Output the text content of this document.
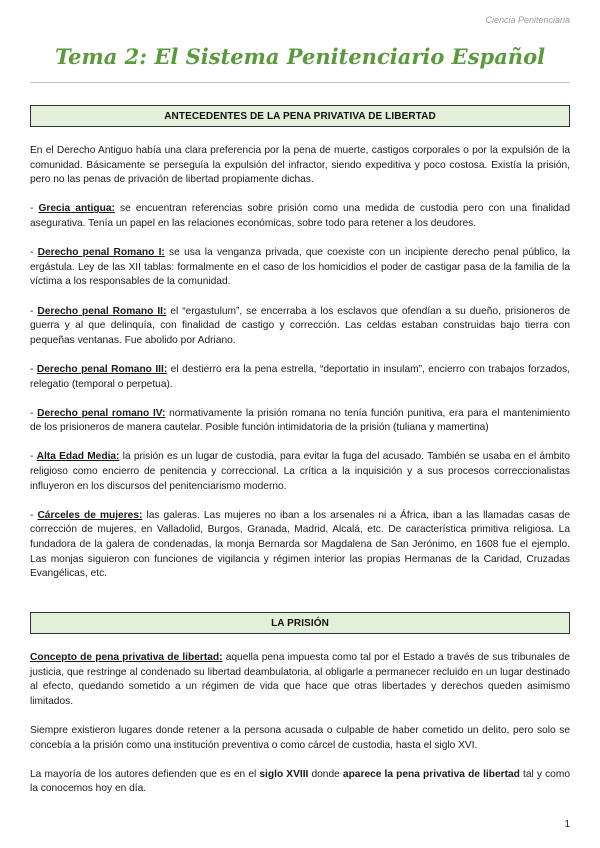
Ciencia Penitenciaria
Tema 2: El Sistema Penitenciario Español
ANTECEDENTES DE LA PENA PRIVATIVA DE LIBERTAD

En el Derecho Antiguo había una clara preferencia por la pena de muerte, castigos corporales o por la expulsión de la comunidad. Básicamente se perseguía la expulsión del infractor, siendo expeditiva y poco costosa. Existía la prisión, pero no las penas de privación de libertad propiamente dichas.

- Grecia antigua: se encuentran referencias sobre prisión como una medida de custodia pero con una finalidad asegurativa. Tenía un papel en las relaciones económicas, sobre todo para retener a los deudores.

- Derecho penal Romano I: se usa la venganza privada, que coexiste con un incipiente derecho penal público, la ergástula. Ley de las XII tablas: formalmente en el caso de los homicidios el poder de castigar pasa de la familia de la víctima a los responsables de la comunidad.

- Derecho penal Romano II: el “ergastulum”, se encerraba a los esclavos que ofendían a su dueño, prisioneros de guerra y al que delinquía, con finalidad de castigo y corrección. Las celdas estaban construidas bajo tierra con pequeñas ventanas. Fue abolido por Adriano.

- Derecho penal Romano III: el destierro era la pena estrella, “deportatio in insulam”, encierro con trabajos forzados, relegatio (temporal o perpetua).

- Derecho penal romano IV: normativamente la prisión romana no tenía función punitiva, era para el mantenimiento de los prisioneros de manera cautelar. Posible función intimidatoria de la prisión (tuliana y mamertina)

- Alta Edad Media: la prisión es un lugar de custodia, para evitar la fuga del acusado. También se usaba en el ámbito religioso como encierro de penitencia y correccional. La crítica a la inquisición y a sus procesos correccionalistas influyeron en los discursos del penitenciarismo moderno.

- Cárceles de mujeres: las galeras. Las mujeres no iban a los arsenales ni a África, iban a las llamadas casas de corrección de mujeres, en Valladolid, Burgos, Granada, Madrid, Alcalá, etc. De característica primitiva religiosa. La fundadora de la galera de condenadas, la monja Bernarda sor Magdalena de San Jerónimo, en 1608 fue el ejemplo. Las monjas siguieron con funciones de vigilancia y régimen interior las propias Hermanas de la Caridad, Cruzadas Evangélicas, etc.

LA PRISIÓN

Concepto de pena privativa de libertad: aquella pena impuesta como tal por el Estado a través de sus tribunales de justicia, que restringe al condenado su libertad deambulatoria, al obligarle a permanecer recluido en un lugar destinado al efecto, quedando sometido a un régimen de vida que hace que otras libertades y derechos queden asimismo limitados.

Siempre existieron lugares donde retener a la persona acusada o culpable de haber cometido un delito, pero solo se concebía a la prisión como una institución preventiva o como cárcel de custodia, hasta el siglo XVI.

La mayoría de los autores defienden que es en el siglo XVIII donde aparece la pena privativa de libertad tal y como la conocemos hoy en día.

1
